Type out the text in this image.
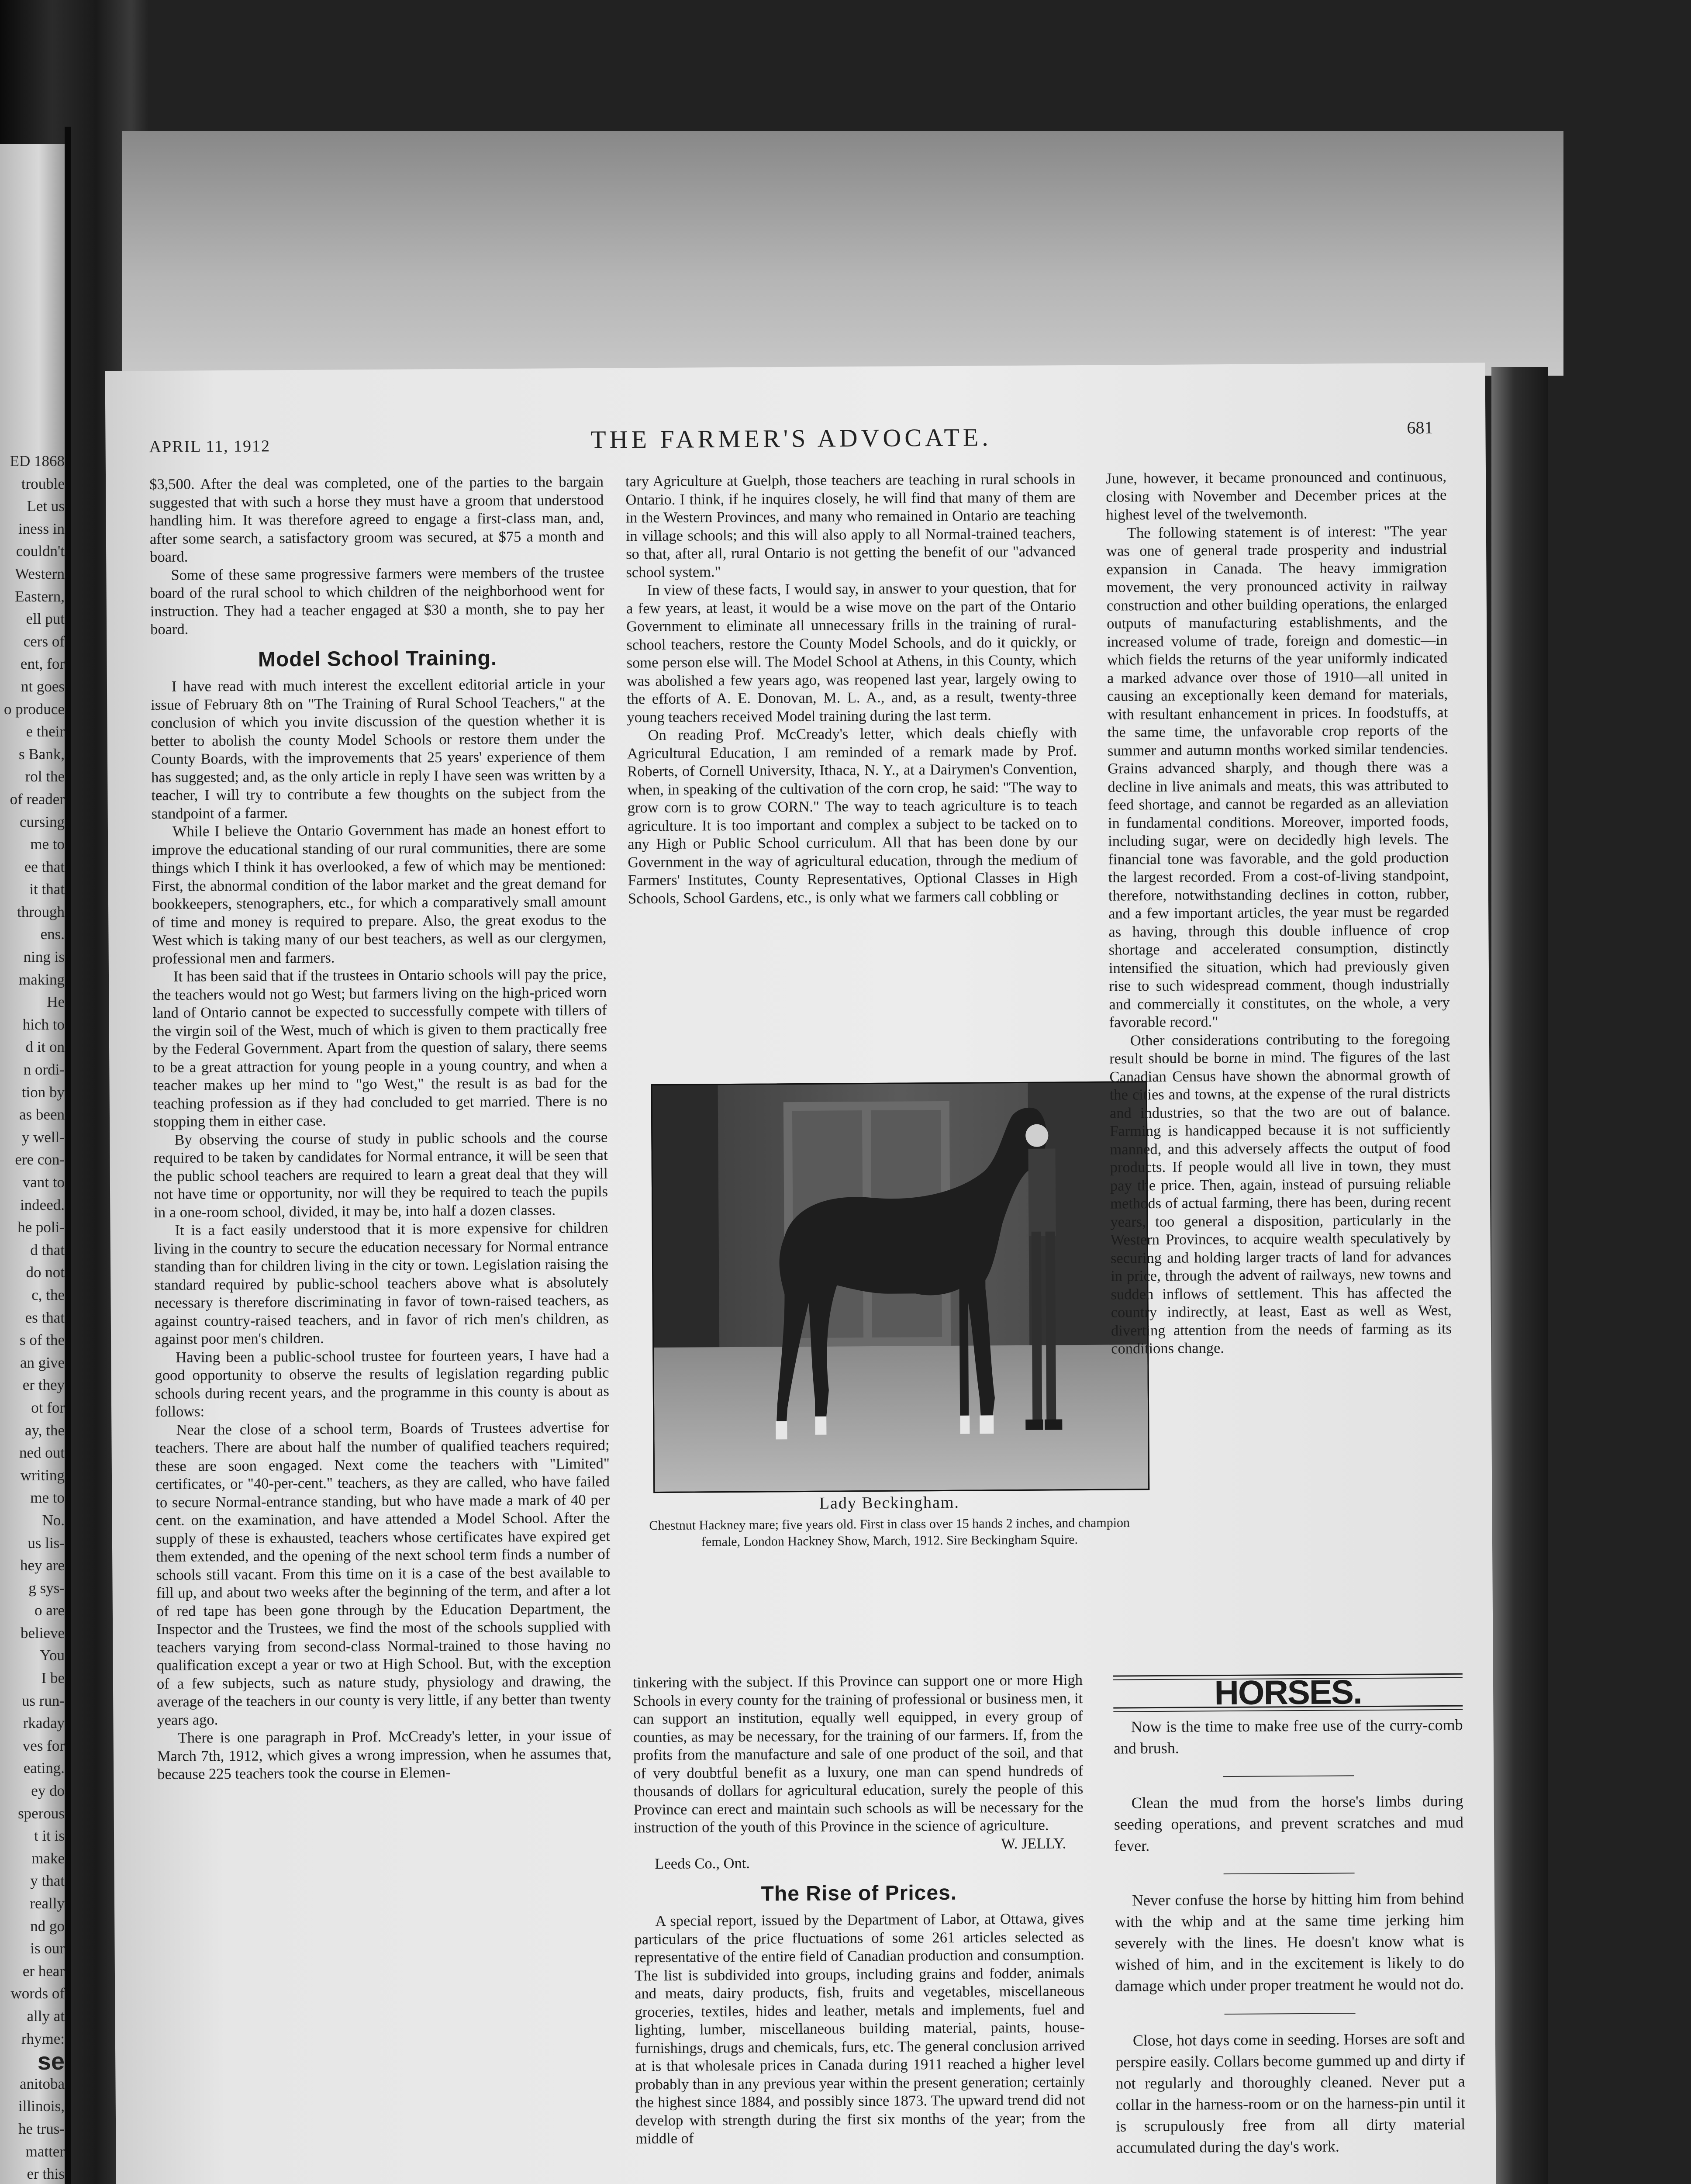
ED 1868
trouble
Let us
iness in
couldn't
Western
Eastern,
ell put
cers of
ent, for
nt goes
o produce
e their
s Bank,
rol the
of reader
cursing
me to
ee that
it that
through
ens.
ning is
making
He
hich to
d it on
n ordi-
tion by
as been
y well-
ere con-
vant to
indeed.
he poli-
d that
do not
c, the
es that
s of the
an give
er they
ot for
ay, the
ned out
writing
me to
No.
us lis-
hey are
g sys-
o are
believe
You
I be
us run-
rkaday
ves for
eating.
ey do
sperous
t it is
make
y that
really
nd go
is our
er hear
words of
ally at
rhyme:
se
anitoba
illinois,
he trus-
matter
er this
APRIL 11, 1912	THE FARMER'S ADVOCATE.	681

$3,500. After the deal was completed, one of the parties to the bargain suggested that with such a horse they must have a groom that understood handling him. It was therefore agreed to engage a first-class man, and, after some search, a satisfactory groom was secured, at $75 a month and board.

Some of these same progressive farmers were members of the trustee board of the rural school to which children of the neighborhood went for instruction. They had a teacher engaged at $30 a month, she to pay her board.

Model School Training.

I have read with much interest the excellent editorial article in your issue of February 8th on "The Training of Rural School Teachers," at the conclusion of which you invite discussion of the question whether it is better to abolish the county Model Schools or restore them under the County Boards, with the improvements that 25 years' experience of them has suggested; and, as the only article in reply I have seen was written by a teacher, I will try to contribute a few thoughts on the subject from the standpoint of a farmer.

While I believe the Ontario Government has made an honest effort to improve the educational standing of our rural communities, there are some things which I think it has overlooked, a few of which may be mentioned: First, the abnormal condition of the labor market and the great demand for bookkeepers, stenographers, etc., for which a comparatively small amount of time and money is required to prepare. Also, the great exodus to the West which is taking many of our best teachers, as well as our clergymen, professional men and farmers.

It has been said that if the trustees in Ontario schools will pay the price, the teachers would not go West; but farmers living on the high-priced worn land of Ontario cannot be expected to successfully compete with tillers of the virgin soil of the West, much of which is given to them practically free by the Federal Government. Apart from the question of salary, there seems to be a great attraction for young people in a young country, and when a teacher makes up her mind to "go West," the result is as bad for the teaching profession as if they had concluded to get married. There is no stopping them in either case.

By observing the course of study in public schools and the course required to be taken by candidates for Normal entrance, it will be seen that the public school teachers are required to learn a great deal that they will not have time or opportunity, nor will they be required to teach the pupils in a one-room school, divided, it may be, into half a dozen classes.

It is a fact easily understood that it is more expensive for children living in the country to secure the education necessary for Normal entrance standing than for children living in the city or town. Legislation raising the standard required by public-school teachers above what is absolutely necessary is therefore discriminating in favor of town-raised teachers, as against country-raised teachers, and in favor of rich men's children, as against poor men's children.

Having been a public-school trustee for fourteen years, I have had a good opportunity to observe the results of legislation regarding public schools during recent years, and the programme in this county is about as follows:

Near the close of a school term, Boards of Trustees advertise for teachers. There are about half the number of qualified teachers required; these are soon engaged. Next come the teachers with "Limited" certificates, or "40-per-cent." teachers, as they are called, who have failed to secure Normal-entrance standing, but who have made a mark of 40 per cent. on the examination, and have attended a Model School. After the supply of these is exhausted, teachers whose certificates have expired get them extended, and the opening of the next school term finds a number of schools still vacant. From this time on it is a case of the best available to fill up, and about two weeks after the beginning of the term, and after a lot of red tape has been gone through by the Education Department, the Inspector and the Trustees, we find the most of the schools supplied with teachers varying from second-class Normal-trained to those having no qualification except a year or two at High School. But, with the exception of a few subjects, such as nature study, physiology and drawing, the average of the teachers in our county is very little, if any better than twenty years ago.

There is one paragraph in Prof. McCready's letter, in your issue of March 7th, 1912, which gives a wrong impression, when he assumes that, because 225 teachers took the course in Elemen-

tary Agriculture at Guelph, those teachers are teaching in rural schools in Ontario. I think, if he inquires closely, he will find that many of them are in the Western Provinces, and many who remained in Ontario are teaching in village schools; and this will also apply to all Normal-trained teachers, so that, after all, rural Ontario is not getting the benefit of our "advanced school system."

In view of these facts, I would say, in answer to your question, that for a few years, at least, it would be a wise move on the part of the Ontario Government to eliminate all unnecessary frills in the training of rural-school teachers, restore the County Model Schools, and do it quickly, or some person else will. The Model School at Athens, in this County, which was abolished a few years ago, was reopened last year, largely owing to the efforts of A. E. Donovan, M. L. A., and, as a result, twenty-three young teachers received Model training during the last term.

On reading Prof. McCready's letter, which deals chiefly with Agricultural Education, I am reminded of a remark made by Prof. Roberts, of Cornell University, Ithaca, N. Y., at a Dairymen's Convention, when, in speaking of the cultivation of the corn crop, he said: "The way to grow corn is to grow CORN." The way to teach agriculture is to teach agriculture. It is too important and complex a subject to be tacked on to any High or Public School curriculum. All that has been done by our Government in the way of agricultural education, through the medium of Farmers' Institutes, County Representatives, Optional Classes in High Schools, School Gardens, etc., is only what we farmers call cobbling or

Lady Beckingham.
Chestnut Hackney mare; five years old. First in class over 15 hands 2 inches, and champion female, London Hackney Show, March, 1912. Sire Beckingham Squire.

tinkering with the subject. If this Province can support one or more High Schools in every county for the training of professional or business men, it can support an institution, equally well equipped, in every group of counties, as may be necessary, for the training of our farmers. If, from the profits from the manufacture and sale of one product of the soil, and that of very doubtful benefit as a luxury, one man can spend hundreds of thousands of dollars for agricultural education, surely the people of this Province can erect and maintain such schools as will be necessary for the instruction of the youth of this Province in the science of agriculture.

W. JELLY.

Leeds Co., Ont.

The Rise of Prices.

A special report, issued by the Department of Labor, at Ottawa, gives particulars of the price fluctuations of some 261 articles selected as representative of the entire field of Canadian production and consumption. The list is subdivided into groups, including grains and fodder, animals and meats, dairy products, fish, fruits and vegetables, miscellaneous groceries, textiles, hides and leather, metals and implements, fuel and lighting, lumber, miscellaneous building material, paints, house-furnishings, drugs and chemicals, furs, etc. The general conclusion arrived at is that wholesale prices in Canada during 1911 reached a higher level probably than in any previous year within the present generation; certainly the highest since 1884, and possibly since 1873. The upward trend did not develop with strength during the first six months of the year; from the middle of

June, however, it became pronounced and continuous, closing with November and December prices at the highest level of the twelvemonth.

The following statement is of interest: "The year was one of general trade prosperity and industrial expansion in Canada. The heavy immigration movement, the very pronounced activity in railway construction and other building operations, the enlarged outputs of manufacturing establishments, and the increased volume of trade, foreign and domestic—in which fields the returns of the year uniformly indicated a marked advance over those of 1910—all united in causing an exceptionally keen demand for materials, with resultant enhancement in prices. In foodstuffs, at the same time, the unfavorable crop reports of the summer and autumn months worked similar tendencies. Grains advanced sharply, and though there was a decline in live animals and meats, this was attributed to feed shortage, and cannot be regarded as an alleviation in fundamental conditions. Moreover, imported foods, including sugar, were on decidedly high levels. The financial tone was favorable, and the gold production the largest recorded. From a cost-of-living standpoint, therefore, notwithstanding declines in cotton, rubber, and a few important articles, the year must be regarded as having, through this double influence of crop shortage and accelerated consumption, distinctly intensified the situation, which had previously given rise to such widespread comment, though industrially and commercially it constitutes, on the whole, a very favorable record."

Other considerations contributing to the foregoing result should be borne in mind. The figures of the last Canadian Census have shown the abnormal growth of the cities and towns, at the expense of the rural districts and industries, so that the two are out of balance. Farming is handicapped because it is not sufficiently manned, and this adversely affects the output of food products. If people would all live in town, they must pay the price. Then, again, instead of pursuing reliable methods of actual farming, there has been, during recent years, too general a disposition, particularly in the Western Provinces, to acquire wealth speculatively by securing and holding larger tracts of land for advances in price, through the advent of railways, new towns and sudden inflows of settlement. This has affected the country indirectly, at least, East as well as West, diverting attention from the needs of farming as its conditions change.

HORSES.

Now is the time to make free use of the curry-comb and brush.

Clean the mud from the horse's limbs during seeding operations, and prevent scratches and mud fever.

Never confuse the horse by hitting him from behind with the whip and at the same time jerking him severely with the lines. He doesn't know what is wished of him, and in the excitement is likely to do damage which under proper treatment he would not do.

Close, hot days come in seeding. Horses are soft and perspire easily. Collars become gummed up and dirty if not regularly and thoroughly cleaned. Never put a collar in the harness-room or on the harness-pin until it is scrupulously free from all dirty material accumulated during the day's work.
